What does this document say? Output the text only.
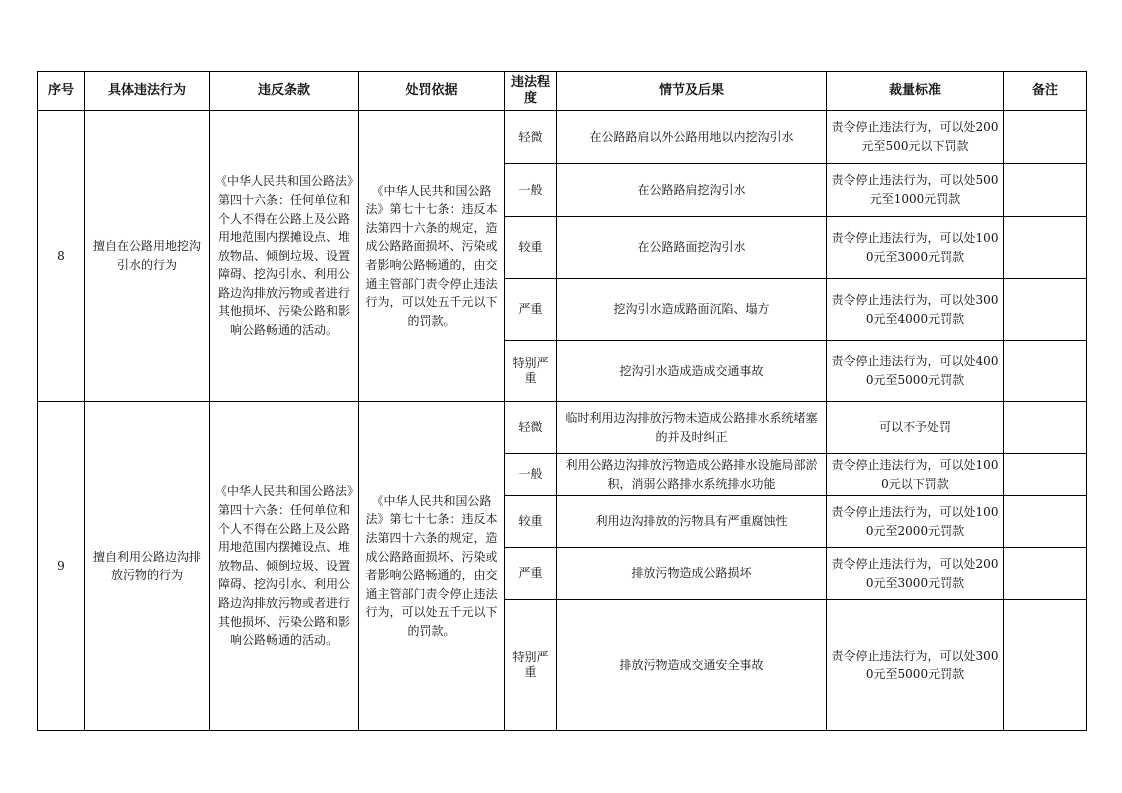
序号	具体违法行为	违反条款	处罚依据	违法程度	情节及后果	裁量标准	备注
8	擅自在公路用地挖沟引水的行为	《中华人民共和国公路法》第四十六条：任何单位和个人不得在公路上及公路用地范围内摆摊设点、堆放物品、倾倒垃圾、设置障碍、挖沟引水、利用公路边沟排放污物或者进行其他损坏、污染公路和影响公路畅通的活动。	《中华人民共和国公路法》第七十七条：违反本法第四十六条的规定，造成公路路面损坏、污染或者影响公路畅通的，由交通主管部门责令停止违法行为，可以处五千元以下的罚款。	轻微	在公路路肩以外公路用地以内挖沟引水	责令停止违法行为，可以处200元至500元以下罚款	
				一般	在公路路肩挖沟引水	责令停止违法行为，可以处500元至1000元罚款	
				较重	在公路路面挖沟引水	责令停止违法行为，可以处1000元至3000元罚款	
				严重	挖沟引水造成路面沉陷、塌方	责令停止违法行为，可以处3000元至4000元罚款	
				特别严重	挖沟引水造成造成交通事故	责令停止违法行为，可以处4000元至5000元罚款	
9	擅自利用公路边沟排放污物的行为	《中华人民共和国公路法》第四十六条：任何单位和个人不得在公路上及公路用地范围内摆摊设点、堆放物品、倾倒垃圾、设置障碍、挖沟引水、利用公路边沟排放污物或者进行其他损坏、污染公路和影响公路畅通的活动。	《中华人民共和国公路法》第七十七条：违反本法第四十六条的规定，造成公路路面损坏、污染或者影响公路畅通的，由交通主管部门责令停止违法行为，可以处五千元以下的罚款。	轻微	临时利用边沟排放污物未造成公路排水系统堵塞的并及时纠正	可以不予处罚	
				一般	利用公路边沟排放污物造成公路排水设施局部淤积，消弱公路排水系统排水功能	责令停止违法行为，可以处1000元以下罚款	
				较重	利用边沟排放的污物具有严重腐蚀性	责令停止违法行为，可以处1000元至2000元罚款	
				严重	排放污物造成公路损坏	责令停止违法行为，可以处2000元至3000元罚款	
				特别严重	排放污物造成交通安全事故	责令停止违法行为，可以处3000元至5000元罚款	
